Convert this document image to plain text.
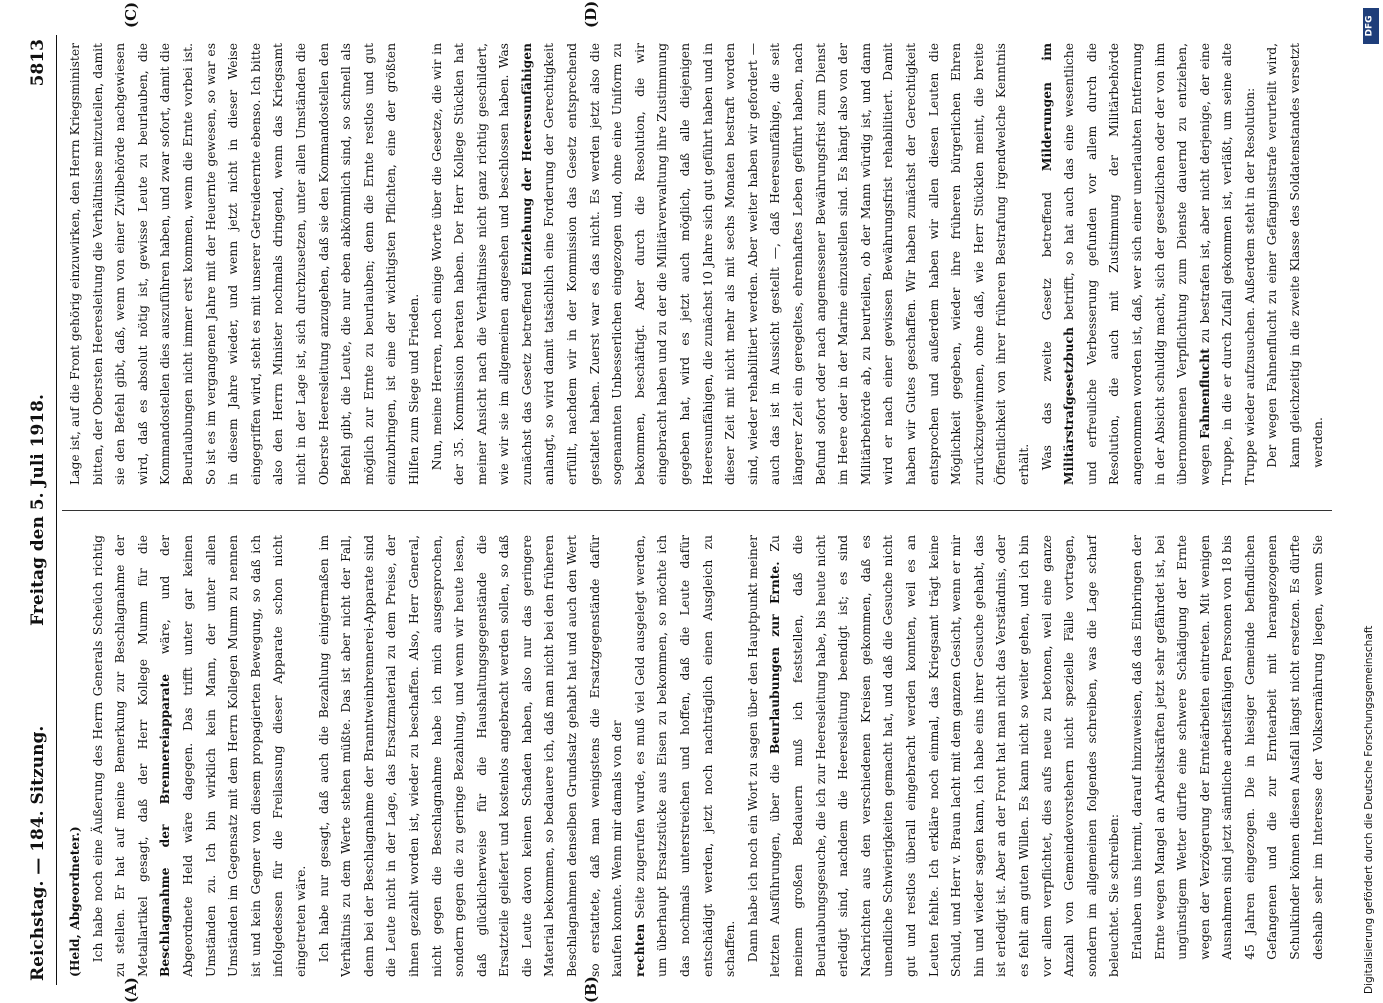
Reichstag. — 184. Sitzung.
Freitag den 5. Juli 1918.
5813
(A)	(B)
(C)	(D)

(Held, Abgeordneter.) Ich habe noch eine Äußerung des Herrn Generals Scheüch richtig zu stellen. Er hat auf meine Bemerkung zur Beschlagnahme der Metallartikel gesagt, daß der Herr Kollege Mumm für die Beschlagnahme der Brennereiapparate wäre, und der Abgeordnete Held wäre dagegen. Das trifft unter gar keinen Umständen zu. Ich bin wirklich kein Mann, der unter allen Umständen im Gegensatz mit dem Herrn Kollegen Mumm zu nennen ist und kein Gegner von diesem propagierten Bewegung, so daß ich infolgedessen für die Freilassung dieser Apparate schon nicht eingetreten wäre. Ich habe nur gesagt, daß auch die Bezahlung einigermaßen im Verhältnis zu dem Werte stehen müßte. Das ist aber nicht der Fall, denn bei der Beschlagnahme der Branntweinbrennerei-Apparate sind die Leute nicht in der Lage, das Ersatzmaterial zu dem Preise, der ihnen gezahlt worden ist, wieder zu beschaffen. Also, Herr General, nicht gegen die Beschlagnahme habe ich mich ausgesprochen, sondern gegen die zu geringe Bezahlung, und wenn wir heute lesen, daß glücklicherweise für die Haushaltungsgegenstände die Ersatzteile geliefert und kostenlos angebracht werden sollen, so daß die Leute davon keinen Schaden haben, also nur das geringere Material bekommen, so bedauere ich, daß man nicht bei den früheren Beschlagnahmen denselben Grundsatz gehabt hat und auch den Wert so erstattete, daß man wenigstens die Ersatzgegenstände dafür kaufen konnte. Wenn mir damals von der rechten Seite zugerufen wurde, es muß viel Geld ausgelegt werden, um überhaupt Ersatzstücke aus Eisen zu bekommen, so möchte ich das nochmals unterstreichen und hoffen, daß die Leute dafür entschädigt werden, jetzt noch nachträglich einen Ausgleich zu schaffen. Dann habe ich noch ein Wort zu sagen über den Hauptpunkt meiner letzten Ausführungen, über die Beurlaubungen zur Ernte. Zu meinem großen Bedauern muß ich feststellen, daß die Beurlaubungsgesuche, die ich zur Heeresleitung habe, bis heute nicht erledigt sind, nachdem die Heeresleitung beendigt ist; es sind Nachrichten aus den verschiedenen Kreisen gekommen, daß es unendliche Schwierigkeiten gemacht hat, und daß die Gesuche nicht gut und restlos überall eingebracht werden konnten, weil es an Leuten fehlte. Ich erkläre noch einmal, das Kriegsamt trägt keine Schuld, und Herr v. Braun lacht mit dem ganzen Gesicht, wenn er mir hin und wieder sagen kann, ich habe eins ihrer Gesuche gehabt, das ist erledigt ist. Aber an der Front hat man nicht das Verständnis, oder es fehlt am guten Willen. Es kann nicht so weiter gehen, und ich bin vor allem verpflichtet, dies aufs neue zu betonen, weil eine ganze Anzahl von Gemeindevorstehern nicht spezielle Fälle vortragen, sondern im allgemeinen folgendes schreiben, was die Lage scharf beleuchtet. Sie schreiben: Erlauben uns hiermit, darauf hinzuweisen, daß das Einbringen der Ernte wegen Mangel an Arbeitskräften jetzt sehr gefährdet ist, bei ungünstigem Wetter dürfte eine schwere Schädigung der Ernte wegen der Verzögerung der Ernteärbeiten eintreten. Mit wenigen Ausnahmen sind jetzt sämtliche arbeitsfähigen Personen von 18 bis 45 Jahren eingezogen. Die in hiesiger Gemeinde befindlichen Gefangenen und die zur Erntearbeit mit herangezogenen Schulkinder können diesen Ausfall längst nicht ersetzen. Es dürfte deshalb sehr im Interesse der Volksernährung liegen, wenn Sie

Lage ist, auf die Front gehörig einzuwirken, den Herrn Kriegsminister bitten, der Obersten Heeresleitung die Verhältnisse mitzuteilen, damit sie den Befehl gibt, daß, wenn von einer Zivilbehörde nachgewiesen wird, daß es absolut nötig ist, gewisse Leute zu beurlauben, die Kommandostellen dies auszuführen haben, und zwar sofort, damit die Beurlaubungen nicht immer erst kommen, wenn die Ernte vorbei ist. So ist es im vergangenen Jahre mit der Heuernte gewesen, so war es in diesem Jahre wieder, und wenn jetzt nicht in dieser Weise eingegriffen wird, steht es mit unserer Getreideernte ebenso. Ich bitte also den Herrn Minister nochmals dringend, wenn das Kriegsamt nicht in der Lage ist, sich durchzusetzen, unter allen Umständen die Oberste Heeresleitung anzugehen, daß sie den Kommandostellen den Befehl gibt, die Leute, die nur eben abkömmlich sind, so schnell als möglich zur Ernte zu beurlauben; denn die Ernte restlos und gut einzubringen, ist eine der wichtigsten Pflichten, eine der größten Hilfen zum Siege und Frieden. Nun, meine Herren, noch einige Worte über die Gesetze, die wir in der 35. Kommission beraten haben. Der Herr Kollege Stücklen hat meiner Ansicht nach die Verhältnisse nicht ganz richtig geschildert, wie wir sie im allgemeinen angesehen und beschlossen haben. Was zunächst das Gesetz betreffend Einziehung der Heeresunfähigen anlangt, so wird damit tatsächlich eine Forderung der Gerechtigkeit erfüllt, nachdem wir in der Kommission das Gesetz entsprechend gestaltet haben. Zuerst war es das nicht. Es werden jetzt also die sogenannten Unbesserlichen eingezogen und, ohne eine Uniform zu bekommen, beschäftigt. Aber durch die Resolution, die wir eingebracht haben und zu der die Militärverwaltung ihre Zustimmung gegeben hat, wird es jetzt auch möglich, daß alle diejenigen Heeresunfähigen, die zunächst 10 Jahre sich gut geführt haben und in dieser Zeit mit nicht mehr als mit sechs Monaten bestraft worden sind, wieder rehabilitiert werden. Aber weiter haben wir gefordert — auch das ist in Aussicht gestellt —, daß Heeresunfähige, die seit längerer Zeit ein geregeltes, ehrenhaftes Leben geführt haben, nach Befund sofort oder nach angemessener Bewährungsfrist zum Dienst im Heere oder in der Marine einzustellen sind. Es hängt also von der Militärbehörde ab, zu beurteilen, ob der Mann würdig ist, und dann wird er nach einer gewissen Bewährungsfrist rehabilitiert. Damit haben wir Gutes geschaffen. Wir haben zunächst der Gerechtigkeit entsprochen und außerdem haben wir allen diesen Leuten die Möglichkeit gegeben, wieder ihre früheren bürgerlichen Ehren zurückzugewinnen, ohne daß, wie Herr Stücklen meint, die breite Öffentlichkeit von ihrer früheren Bestrafung irgendwelche Kenntnis erhält. Was das zweite Gesetz betreffend Milderungen im Militärstrafgesetzbuch betrifft, so hat auch das eine wesentliche und erfreuliche Verbesserung gefunden vor allem durch die Resolution, die auch mit Zustimmung der Militärbehörde angenommen worden ist, daß, wer sich einer unerlaubten Entfernung in der Absicht schuldig macht, sich der gesetzlichen oder der von ihm übernommenen Verpflichtung zum Dienste dauernd zu entziehen, wegen Fahnenflucht zu bestrafen ist, aber nicht derjenige, der eine Truppe, in die er durch Zufall gekommen ist, verläßt, um seine alte Truppe wieder aufzusuchen. Außerdem steht in der Resolution: Der wegen Fahnenflucht zu einer Gefängnisstrafe verurteilt wird, kann gleichzeitig in die zweite Klasse des Soldatenstandes versetzt werden.

Digitalisierung gefördert durch die Deutsche Forschungsgemeinschaft
DFG
